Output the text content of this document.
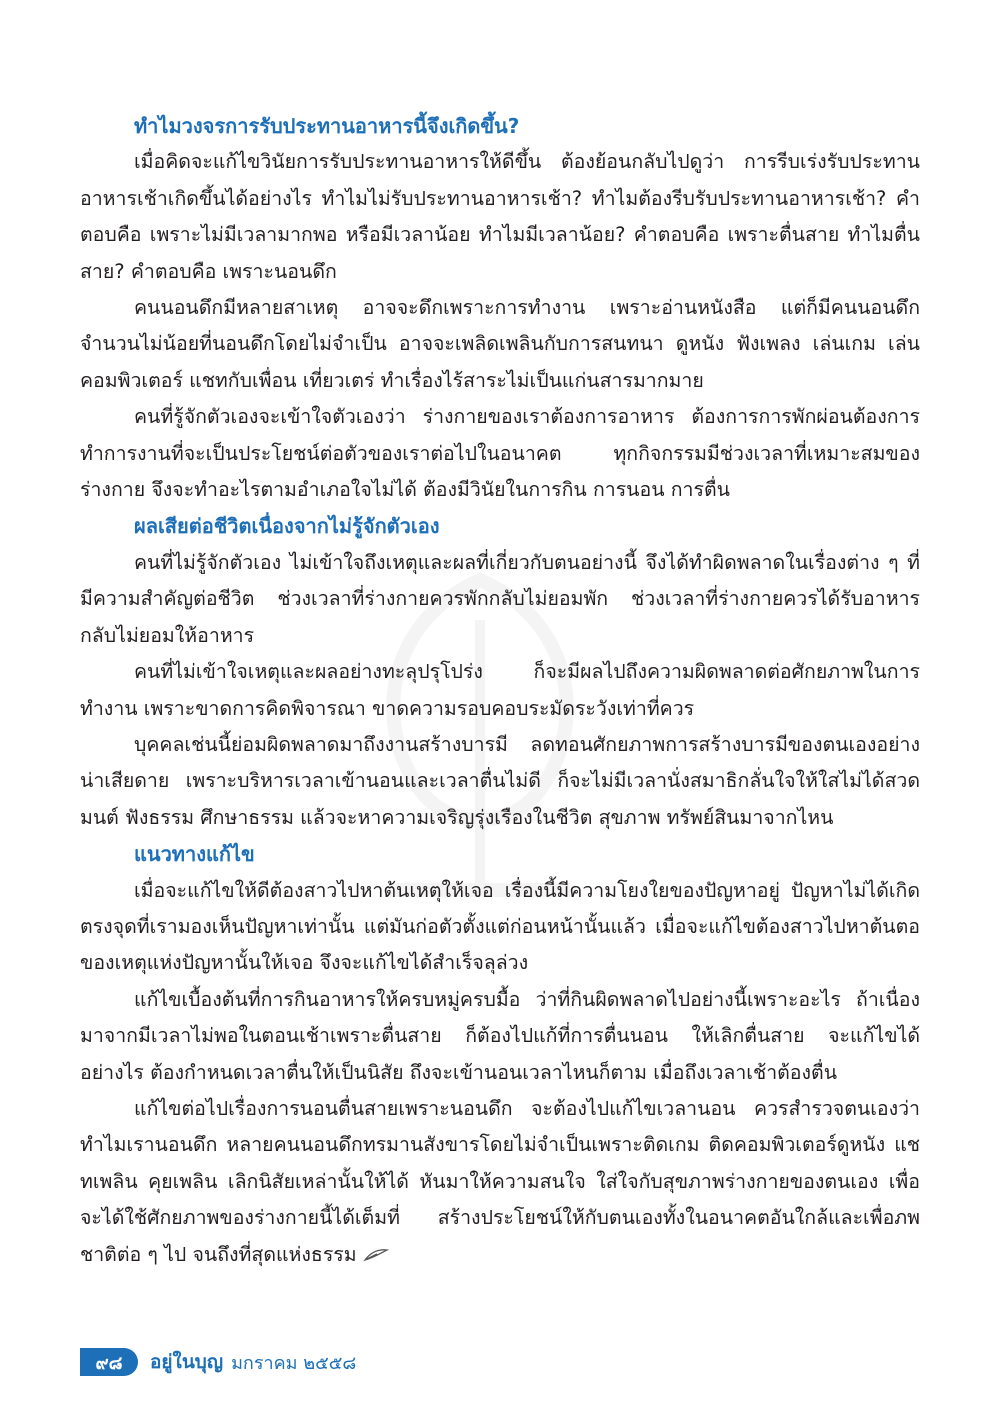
ทำไมวงจรการรับประทานอาหารนี้จึงเกิดขึ้น?

เมื่อคิดจะแก้ไขวินัยการรับประทานอาหารให้ดีขึ้น ต้องย้อนกลับไปดูว่า การรีบเร่งรับประทานอาหารเช้าเกิดขึ้นได้อย่างไร ทำไมไม่รับประทานอาหารเช้า? ทำไมต้องรีบรับประทานอาหารเช้า? คำตอบคือ เพราะไม่มีเวลามากพอ หรือมีเวลาน้อย ทำไมมีเวลาน้อย? คำตอบคือ เพราะตื่นสาย ทำไมตื่นสาย? คำตอบคือ เพราะนอนดึก

คนนอนดึกมีหลายสาเหตุ อาจจะดึกเพราะการทำงาน เพราะอ่านหนังสือ แต่ก็มีคนนอนดึกจำนวนไม่น้อยที่นอนดึกโดยไม่จำเป็น อาจจะเพลิดเพลินกับการสนทนา ดูหนัง ฟังเพลง เล่นเกม เล่นคอมพิวเตอร์ แชทกับเพื่อน เที่ยวเตร่ ทำเรื่องไร้สาระไม่เป็นแก่นสารมากมาย

คนที่รู้จักตัวเองจะเข้าใจตัวเองว่า ร่างกายของเราต้องการอาหาร ต้องการการพักผ่อนต้องการทำการงานที่จะเป็นประโยชน์ต่อตัวของเราต่อไปในอนาคต ทุกกิจกรรมมีช่วงเวลาที่เหมาะสมของร่างกาย จึงจะทำอะไรตามอำเภอใจไม่ได้ ต้องมีวินัยในการกิน การนอน การตื่น

ผลเสียต่อชีวิตเนื่องจากไม่รู้จักตัวเอง

คนที่ไม่รู้จักตัวเอง ไม่เข้าใจถึงเหตุและผลที่เกี่ยวกับตนอย่างนี้ จึงได้ทำผิดพลาดในเรื่องต่าง ๆ ที่มีความสำคัญต่อชีวิต ช่วงเวลาที่ร่างกายควรพักกลับไม่ยอมพัก ช่วงเวลาที่ร่างกายควรได้รับอาหารกลับไม่ยอมให้อาหาร

คนที่ไม่เข้าใจเหตุและผลอย่างทะลุปรุโปร่ง ก็จะมีผลไปถึงความผิดพลาดต่อศักยภาพในการทำงาน เพราะขาดการคิดพิจารณา ขาดความรอบคอบระมัดระวังเท่าที่ควร

บุคคลเช่นนี้ย่อมผิดพลาดมาถึงงานสร้างบารมี ลดทอนศักยภาพการสร้างบารมีของตนเองอย่างน่าเสียดาย เพราะบริหารเวลาเข้านอนและเวลาตื่นไม่ดี ก็จะไม่มีเวลานั่งสมาธิกลั่นใจให้ใสไม่ได้สวดมนต์ ฟังธรรม ศึกษาธรรม แล้วจะหาความเจริญรุ่งเรืองในชีวิต สุขภาพ ทรัพย์สินมาจากไหน

แนวทางแก้ไข

เมื่อจะแก้ไขให้ดีต้องสาวไปหาต้นเหตุให้เจอ เรื่องนี้มีความโยงใยของปัญหาอยู่ ปัญหาไม่ได้เกิดตรงจุดที่เรามองเห็นปัญหาเท่านั้น แต่มันก่อตัวตั้งแต่ก่อนหน้านั้นแล้ว เมื่อจะแก้ไขต้องสาวไปหาต้นตอของเหตุแห่งปัญหานั้นให้เจอ จึงจะแก้ไขได้สำเร็จลุล่วง

แก้ไขเบื้องต้นที่การกินอาหารให้ครบหมู่ครบมื้อ ว่าที่กินผิดพลาดไปอย่างนี้เพราะอะไร ถ้าเนื่องมาจากมีเวลาไม่พอในตอนเช้าเพราะตื่นสาย ก็ต้องไปแก้ที่การตื่นนอน ให้เลิกตื่นสาย จะแก้ไขได้อย่างไร ต้องกำหนดเวลาตื่นให้เป็นนิสัย ถึงจะเข้านอนเวลาไหนก็ตาม เมื่อถึงเวลาเช้าต้องตื่น

แก้ไขต่อไปเรื่องการนอนตื่นสายเพราะนอนดึก จะต้องไปแก้ไขเวลานอน ควรสำรวจตนเองว่าทำไมเรานอนดึก หลายคนนอนดึกทรมานสังขารโดยไม่จำเป็นเพราะติดเกม ติดคอมพิวเตอร์ดูหนัง แชทเพลิน คุยเพลิน เลิกนิสัยเหล่านั้นให้ได้ หันมาให้ความสนใจ ใส่ใจกับสุขภาพร่างกายของตนเอง เพื่อจะได้ใช้ศักยภาพของร่างกายนี้ได้เต็มที่ สร้างประโยชน์ให้กับตนเองทั้งในอนาคตอันใกล้และเพื่อภพชาติต่อ ๆ ไป จนถึงที่สุดแห่งธรรม

๙๘	อยู่ในบุญ มกราคม ๒๕๕๘
